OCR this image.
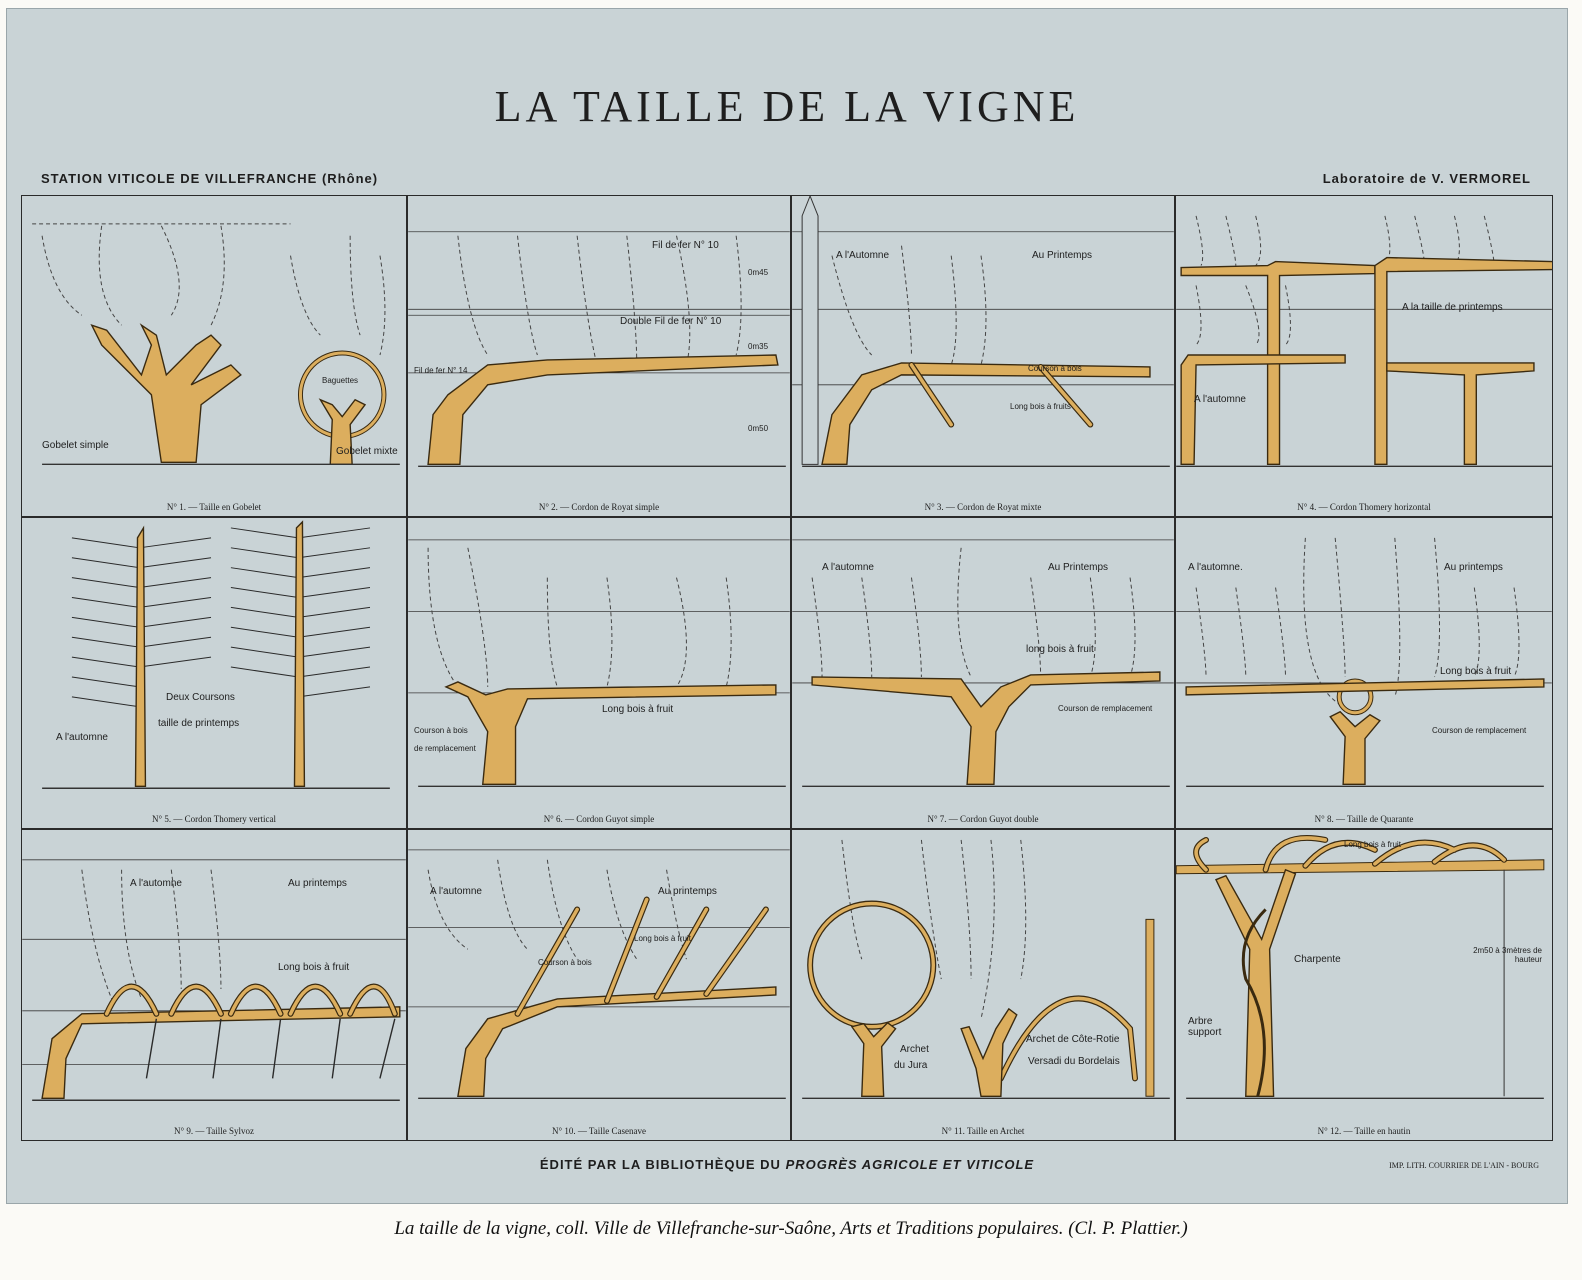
LA TAILLE DE LA VIGNE
STATION VITICOLE DE VILLEFRANCHE (Rhône)	Laboratoire de V. VERMOREL
Gobelet simple
Baguettes
Gobelet mixte
N° 1. — Taille en Gobelet
Fil de fer N° 10
Double Fil de fer N° 10
Fil de fer N° 14
0m45
0m35
0m50
N° 2. — Cordon de Royat simple
A l'Automne	Au Printemps
Courson à bois
Long bois à fruits
N° 3. — Cordon de Royat mixte
A la taille de printemps
A l'automne
N° 4. — Cordon Thomery horizontal
Deux Coursons
taille de printemps
A l'automne
N° 5. — Cordon Thomery vertical
Long bois à fruit
Courson à bois
de remplacement
N° 6. — Cordon Guyot simple
A l'automne	Au Printemps
long bois à fruit
Courson de remplacement
N° 7. — Cordon Guyot double
A l'automne.	Au printemps
Long bois à fruit
Courson de remplacement
N° 8. — Taille de Quarante
A l'automne	Au printemps
Long bois à fruit
N° 9. — Taille Sylvoz
A l'automne	Au printemps
Long bois à fruit
Courson à bois
N° 10. — Taille Casenave
Archet
du Jura
Archet de Côte-Rotie
Versadi du Bordelais
N° 11. Taille en Archet
Long bois à fruit
Charpente
Arbre support
2m50 à 3mètres de hauteur
N° 12. — Taille en hautin
ÉDITÉ PAR LA BIBLIOTHÈQUE DU PROGRÈS AGRICOLE ET VITICOLE	IMP. LITH. COURRIER DE L'AIN - BOURG
La taille de la vigne, coll. Ville de Villefranche-sur-Saône, Arts et Traditions populaires. (Cl. P. Plattier.)
